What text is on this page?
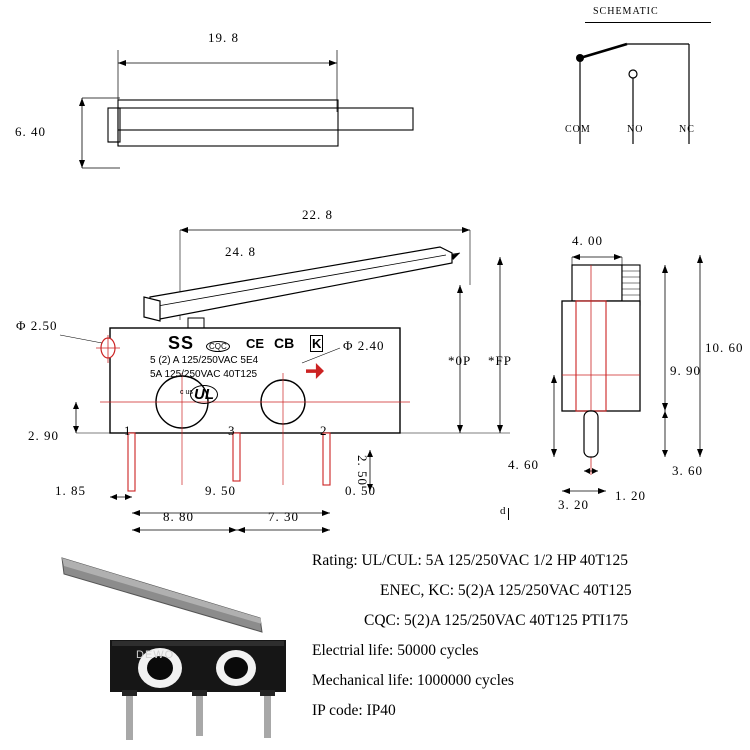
SCHEMATIC
COM	NO	NC
19. 8
6. 40
SS	CQC CE CB K
5 (2) A 125/250VAC 5E4
5A 125/250VAC 40T125
UL
c us
22. 8
24. 8
Φ 2.50
Φ 2.40
*0P *FP
2. 90
1. 85	9. 50
8. 80	7. 30
0. 50
2. 50
1	3	2
4. 00
10. 60
9. 90
4. 60	3. 60
1. 20
3. 20
d
DEWO
Rating: UL/CUL: 5A 125/250VAC 1/2 HP 40T125
ENEC, KC: 5(2)A 125/250VAC 40T125
CQC: 5(2)A 125/250VAC 40T125 PTI175
Electrial life: 50000 cycles
Mechanical life: 1000000 cycles
IP code: IP40
